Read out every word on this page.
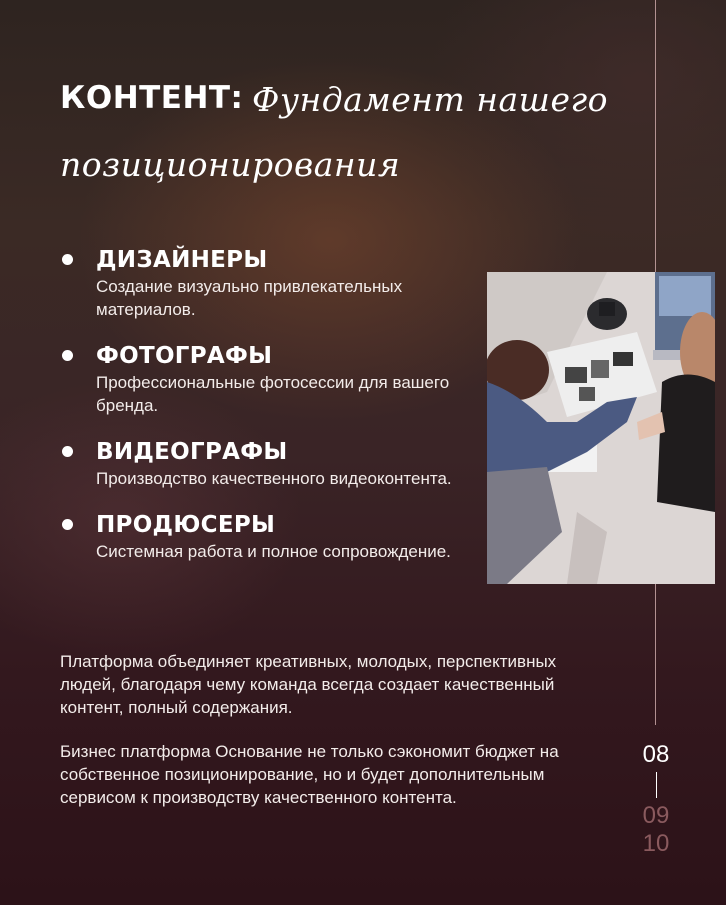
КОНТЕНТ: Фундамент нашего
позиционирования
ДИЗАЙНЕРЫ
Создание визуально привлекательных материалов.
ФОТОГРАФЫ
Профессиональные фотосессии для вашего бренда.
ВИДЕОГРАФЫ
Производство качественного видеоконтента.
ПРОДЮСЕРЫ
Системная работа и полное сопровождение.
Платформа объединяет креативных, молодых, перспективных людей, благодаря чему команда всегда создает качественный контент, полный содержания.
Бизнес платформа Основание не только сэкономит бюджет на собственное позиционирование, но и будет дополнительным сервисом к производству качественного контента.
08
09
10
